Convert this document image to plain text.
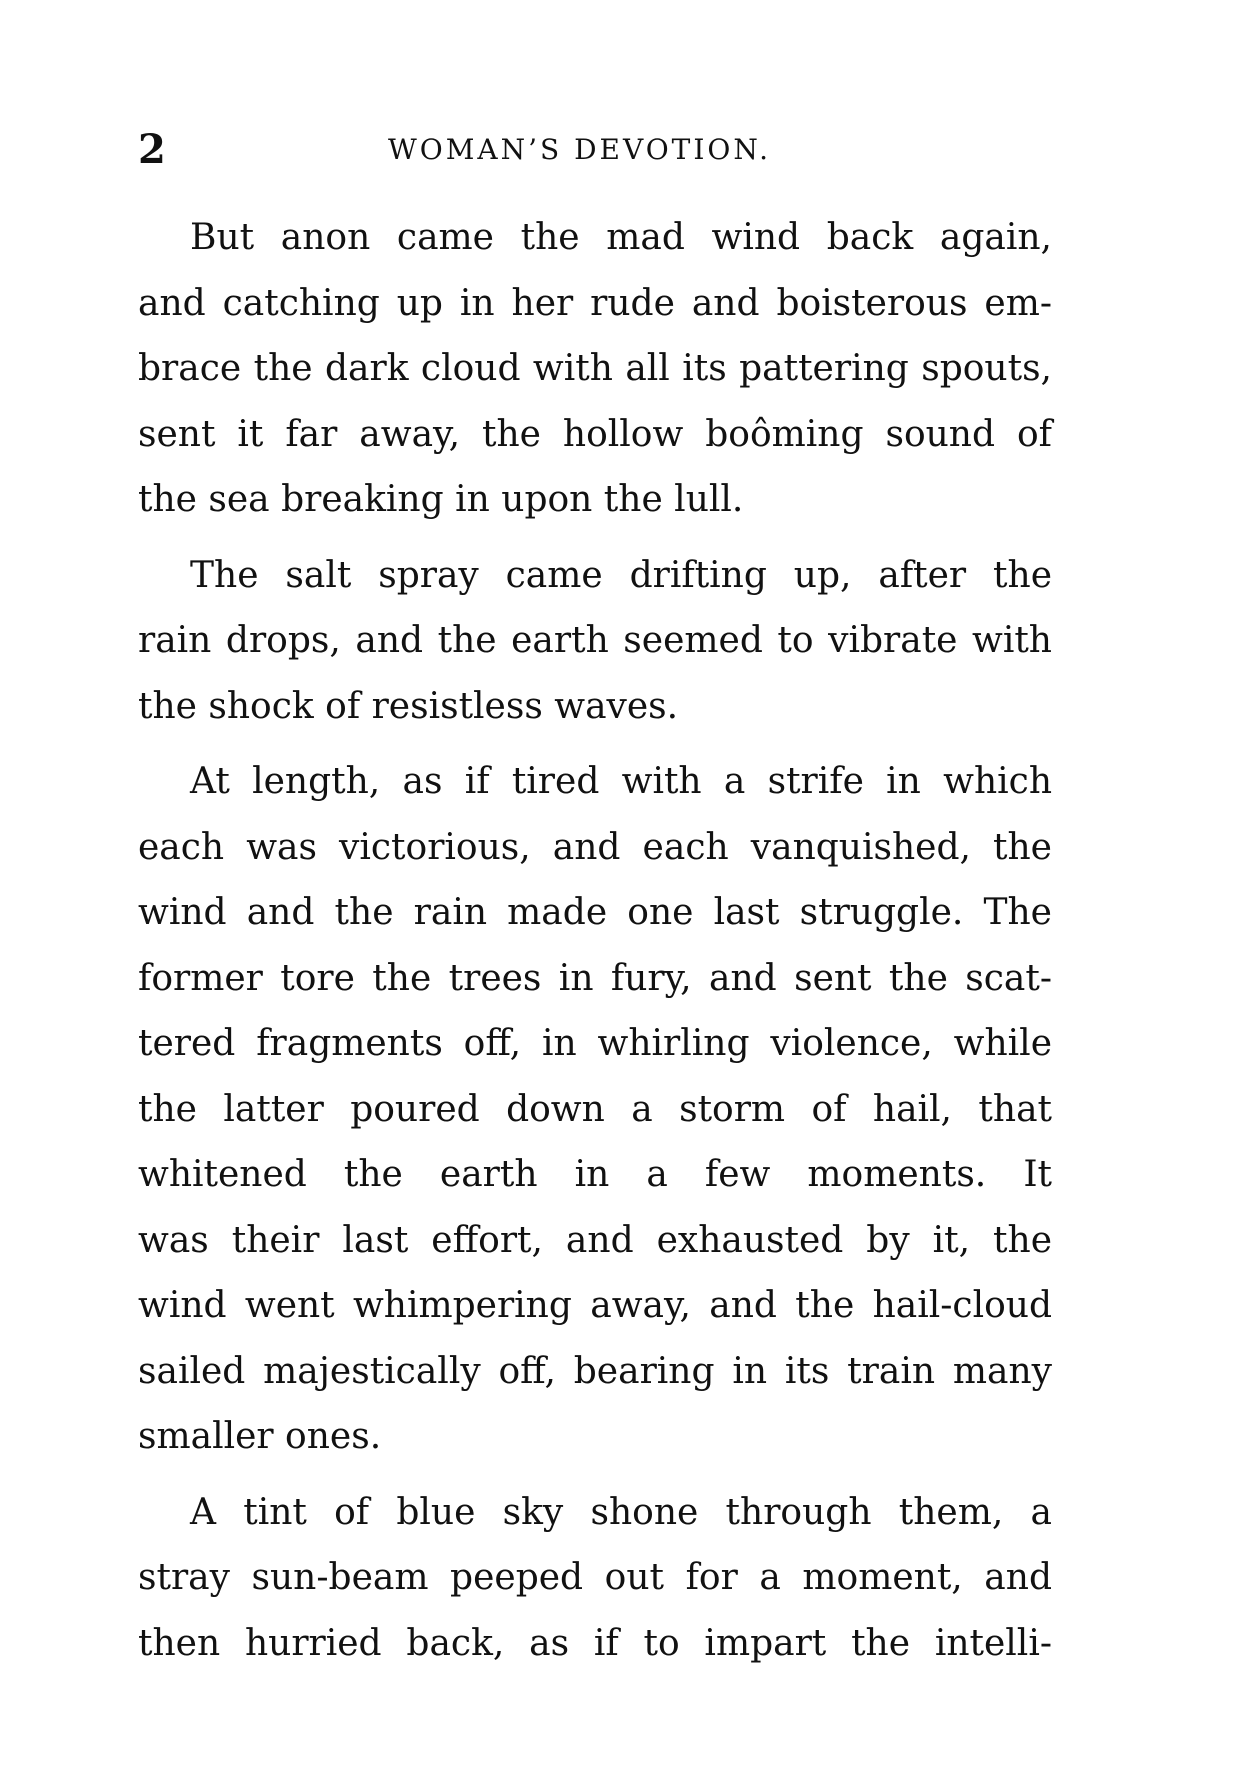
2	WOMAN’S DEVOTION.
But anon came the mad wind back again,
and catching up in her rude and boisterous em-
brace the dark cloud with all its pattering spouts,
sent it far away, the hollow boôming sound of
the sea breaking in upon the lull.
The salt spray came drifting up, after the
rain drops, and the earth seemed to vibrate with
the shock of resistless waves.
At length, as if tired with a strife in which
each was victorious, and each vanquished, the
wind and the rain made one last struggle. The
former tore the trees in fury, and sent the scat-
tered fragments off, in whirling violence, while
the latter poured down a storm of hail, that
whitened the earth in a few moments. It
was their last effort, and exhausted by it, the
wind went whimpering away, and the hail-cloud
sailed majestically off, bearing in its train many
smaller ones.
A tint of blue sky shone through them, a
stray sun-beam peeped out for a moment, and
then hurried back, as if to impart the intelli-
